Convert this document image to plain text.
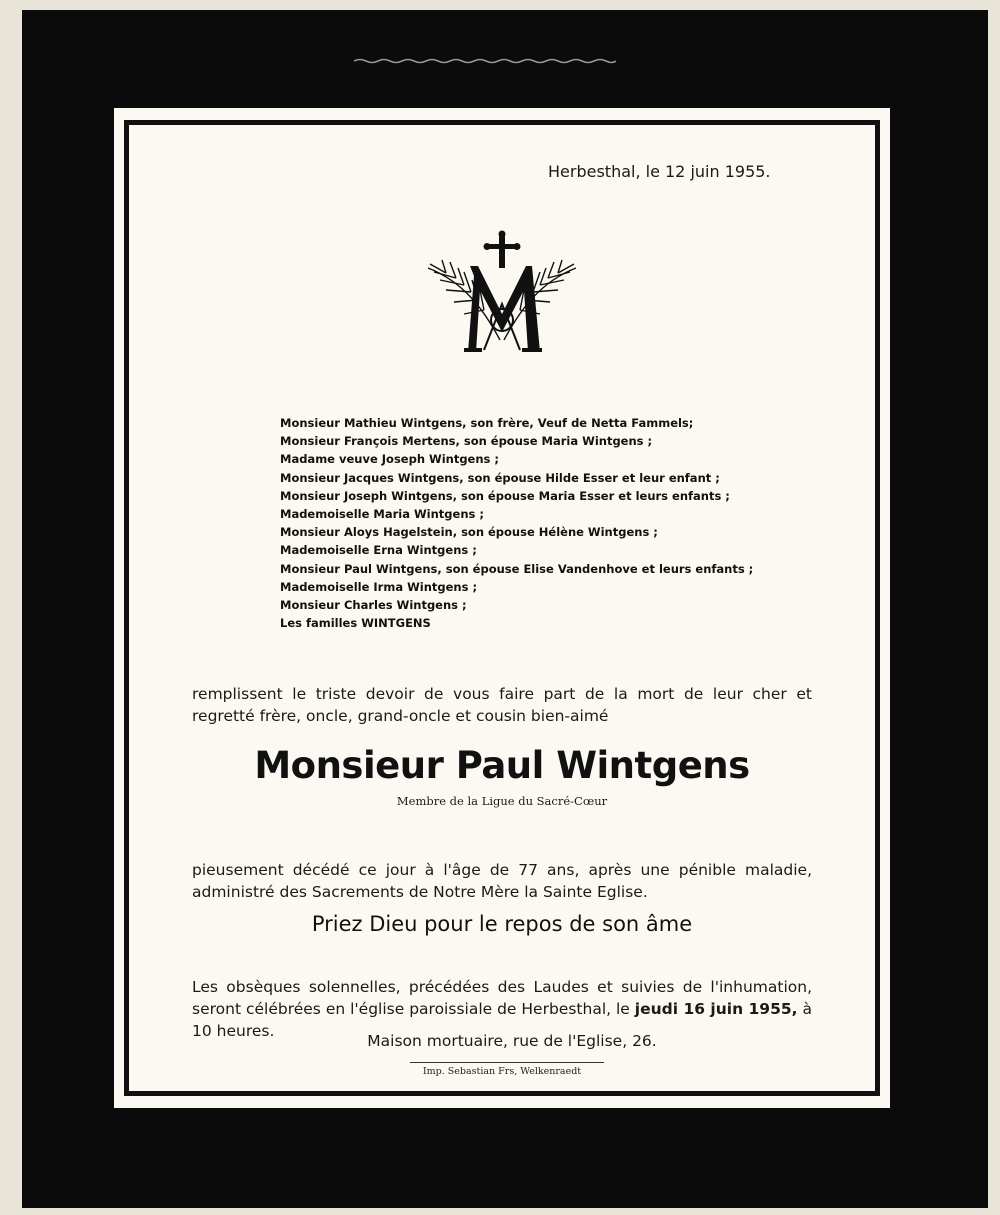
Herbesthal, le 12 juin 1955.
Monsieur Mathieu Wintgens, son frère, Veuf de Netta Fammels;
Monsieur François Mertens, son épouse Maria Wintgens ;
Madame veuve Joseph Wintgens ;
Monsieur Jacques Wintgens, son épouse Hilde Esser et leur enfant ;
Monsieur Joseph Wintgens, son épouse Maria Esser et leurs enfants ;
Mademoiselle Maria Wintgens ;
Monsieur Aloys Hagelstein, son épouse Hélène Wintgens ;
Mademoiselle Erna Wintgens ;
Monsieur Paul Wintgens, son épouse Elise Vandenhove et leurs enfants ;
Mademoiselle Irma Wintgens ;
Monsieur Charles Wintgens ;
Les familles WINTGENS

remplissent le triste devoir de vous faire part de la mort de leur cher et regretté frère, oncle, grand-oncle et cousin bien-aimé

Monsieur Paul Wintgens
Membre de la Ligue du Sacré-Cœur

pieusement décédé ce jour à l'âge de 77 ans, après une pénible maladie, administré des Sacrements de Notre Mère la Sainte Eglise.

Priez Dieu pour le repos de son âme

Les obsèques solennelles, précédées des Laudes et suivies de l'inhumation, seront célébrées en l'église paroissiale de Herbesthal, le jeudi 16 juin 1955, à 10 heures.

Maison mortuaire, rue de l'Eglise, 26.
Imp. Sebastian Frs, Welkenraedt
